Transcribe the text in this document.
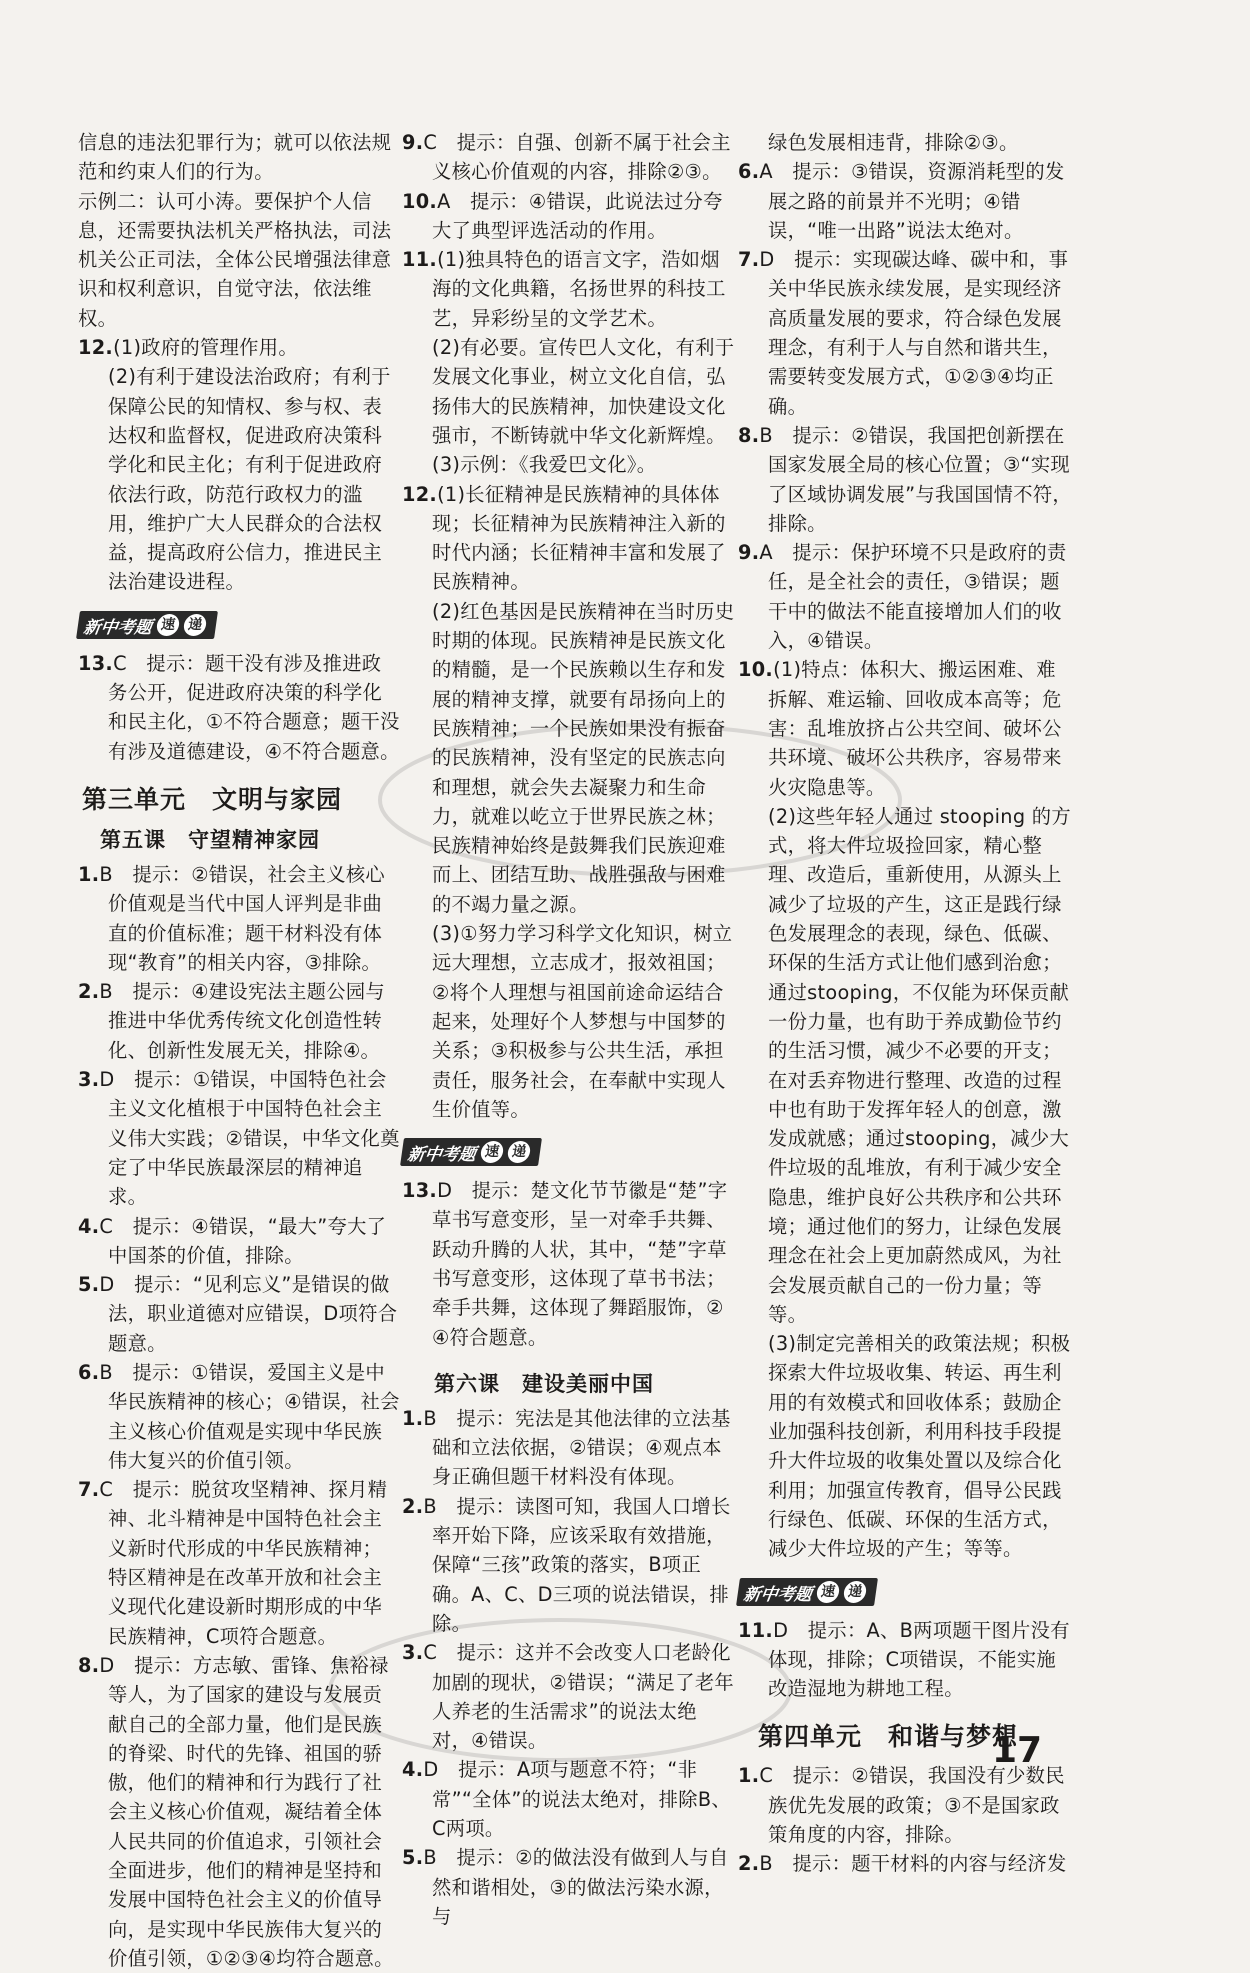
信息的违法犯罪行为；就可以依法规范和约束人们的行为。
示例二：认可小涛。要保护个人信息，还需要执法机关严格执法，司法机关公正司法，全体公民增强法律意识和权利意识，自觉守法，依法维权。
12.(1)政府的管理作用。
(2)有利于建设法治政府；有利于保障公民的知情权、参与权、表达权和监督权，促进政府决策科学化和民主化；有利于促进政府依法行政，防范行政权力的滥用，维护广大人民群众的合法权益，提高政府公信力，推进民主法治建设进程。
新中考题 速 递
13.C　提示：题干没有涉及推进政务公开，促进政府决策的科学化和民主化，①不符合题意；题干没有涉及道德建设，④不符合题意。
第三单元　文明与家园
第五课　守望精神家园
1.B　提示：②错误，社会主义核心价值观是当代中国人评判是非曲直的价值标准；题干材料没有体现“教育”的相关内容，③排除。
2.B　提示：④建设宪法主题公园与推进中华优秀传统文化创造性转化、创新性发展无关，排除④。
3.D　提示：①错误，中国特色社会主义文化植根于中国特色社会主义伟大实践；②错误，中华文化奠定了中华民族最深层的精神追求。
4.C　提示：④错误，“最大”夸大了中国茶的价值，排除。
5.D　提示：“见利忘义”是错误的做法，职业道德对应错误，D项符合题意。
6.B　提示：①错误，爱国主义是中华民族精神的核心；④错误，社会主义核心价值观是实现中华民族伟大复兴的价值引领。
7.C　提示：脱贫攻坚精神、探月精神、北斗精神是中国特色社会主义新时代形成的中华民族精神；特区精神是在改革开放和社会主义现代化建设新时期形成的中华民族精神，C项符合题意。
8.D　提示：方志敏、雷锋、焦裕禄等人，为了国家的建设与发展贡献自己的全部力量，他们是民族的脊梁、时代的先锋、祖国的骄傲，他们的精神和行为践行了社会主义核心价值观，凝结着全体人民共同的价值追求，引领社会全面进步，他们的精神是坚持和发展中国特色社会主义的价值导向，是实现中华民族伟大复兴的价值引领，①②③④均符合题意。
9.C　提示：自强、创新不属于社会主义核心价值观的内容，排除②③。
10.A　提示：④错误，此说法过分夸大了典型评选活动的作用。
11.(1)独具特色的语言文字，浩如烟海的文化典籍，名扬世界的科技工艺，异彩纷呈的文学艺术。
(2)有必要。宣传巴人文化，有利于发展文化事业，树立文化自信，弘扬伟大的民族精神，加快建设文化强市，不断铸就中华文化新辉煌。
(3)示例：《我爱巴文化》。
12.(1)长征精神是民族精神的具体体现；长征精神为民族精神注入新的时代内涵；长征精神丰富和发展了民族精神。
(2)红色基因是民族精神在当时历史时期的体现。民族精神是民族文化的精髓，是一个民族赖以生存和发展的精神支撑，就要有昂扬向上的民族精神；一个民族如果没有振奋的民族精神，没有坚定的民族志向和理想，就会失去凝聚力和生命力，就难以屹立于世界民族之林；民族精神始终是鼓舞我们民族迎难而上、团结互助、战胜强敌与困难的不竭力量之源。
(3)①努力学习科学文化知识，树立远大理想，立志成才，报效祖国；②将个人理想与祖国前途命运结合起来，处理好个人梦想与中国梦的关系；③积极参与公共生活，承担责任，服务社会，在奉献中实现人生价值等。
新中考题 速 递
13.D　提示：楚文化节节徽是“楚”字草书写意变形，呈一对牵手共舞、跃动升腾的人状，其中，“楚”字草书写意变形，这体现了草书书法；牵手共舞，这体现了舞蹈服饰，②④符合题意。
第六课　建设美丽中国
1.B　提示：宪法是其他法律的立法基础和立法依据，②错误；④观点本身正确但题干材料没有体现。
2.B　提示：读图可知，我国人口增长率开始下降，应该采取有效措施，保障“三孩”政策的落实，B项正确。A、C、D三项的说法错误，排除。
3.C　提示：这并不会改变人口老龄化加剧的现状，②错误；“满足了老年人养老的生活需求”的说法太绝对，④错误。
4.D　提示：A项与题意不符；“非常”“全体”的说法太绝对，排除B、C两项。
5.B　提示：②的做法没有做到人与自然和谐相处，③的做法污染水源，与
绿色发展相违背，排除②③。
6.A　提示：③错误，资源消耗型的发展之路的前景并不光明；④错误，“唯一出路”说法太绝对。
7.D　提示：实现碳达峰、碳中和，事关中华民族永续发展，是实现经济高质量发展的要求，符合绿色发展理念，有利于人与自然和谐共生，需要转变发展方式，①②③④均正确。
8.B　提示：②错误，我国把创新摆在国家发展全局的核心位置；③“实现了区域协调发展”与我国国情不符，排除。
9.A　提示：保护环境不只是政府的责任，是全社会的责任，③错误；题干中的做法不能直接增加人们的收入，④错误。
10.(1)特点：体积大、搬运困难、难拆解、难运输、回收成本高等；危害：乱堆放挤占公共空间、破坏公共环境、破坏公共秩序，容易带来火灾隐患等。
(2)这些年轻人通过 stooping 的方式，将大件垃圾捡回家，精心整理、改造后，重新使用，从源头上减少了垃圾的产生，这正是践行绿色发展理念的表现，绿色、低碳、环保的生活方式让他们感到治愈；通过stooping，不仅能为环保贡献一份力量，也有助于养成勤俭节约的生活习惯，减少不必要的开支；在对丢弃物进行整理、改造的过程中也有助于发挥年轻人的创意，激发成就感；通过stooping，减少大件垃圾的乱堆放，有利于减少安全隐患，维护良好公共秩序和公共环境；通过他们的努力，让绿色发展理念在社会上更加蔚然成风，为社会发展贡献自己的一份力量；等等。
(3)制定完善相关的政策法规；积极探索大件垃圾收集、转运、再生利用的有效模式和回收体系；鼓励企业加强科技创新，利用科技手段提升大件垃圾的收集处置以及综合化利用；加强宣传教育，倡导公民践行绿色、低碳、环保的生活方式，减少大件垃圾的产生；等等。
新中考题 速 递
11.D　提示：A、B两项题干图片没有体现，排除；C项错误，不能实施改造湿地为耕地工程。
第四单元　和谐与梦想
1.C　提示：②错误，我国没有少数民族优先发展的政策；③不是国家政策角度的内容，排除。
2.B　提示：题干材料的内容与经济发
17
